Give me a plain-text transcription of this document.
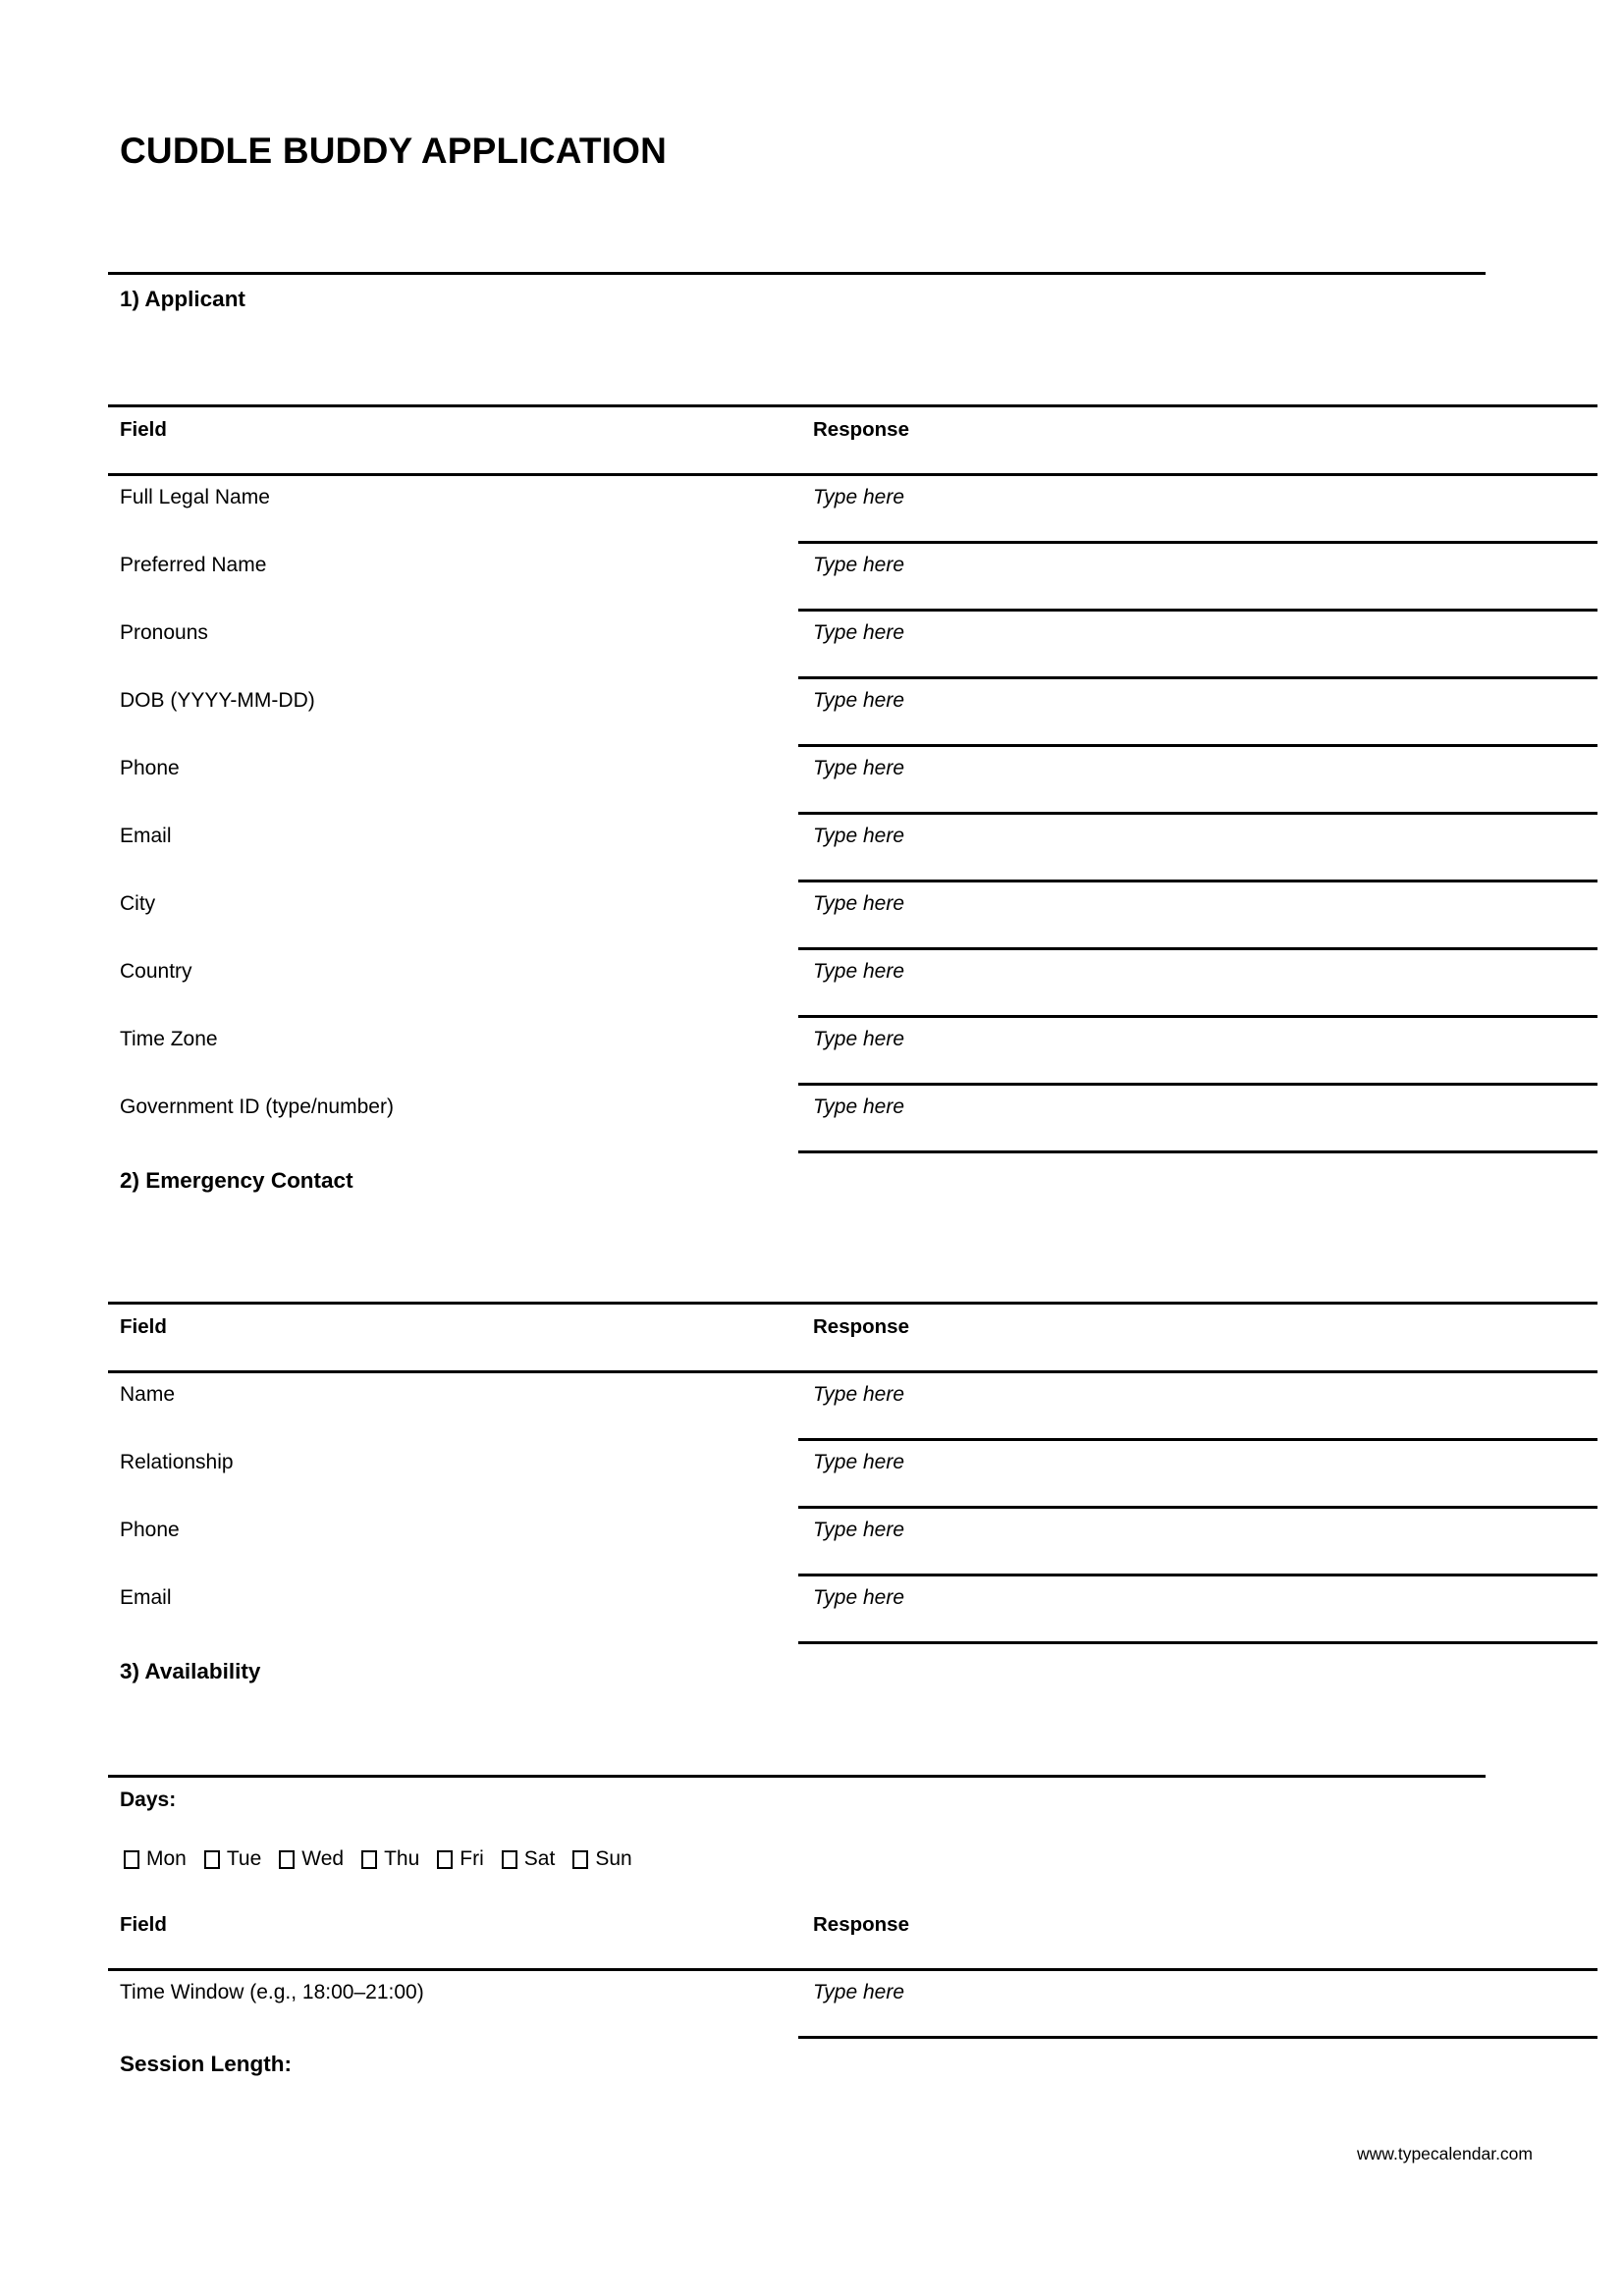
CUDDLE BUDDY APPLICATION
1) Applicant
Field	Response
Full Legal Name	Type here
Preferred Name	Type here
Pronouns	Type here
DOB (YYYY-MM-DD)	Type here
Phone	Type here
Email	Type here
City	Type here
Country	Type here
Time Zone	Type here
Government ID (type/number)	Type here
2) Emergency Contact
Field	Response
Name	Type here
Relationship	Type here
Phone	Type here
Email	Type here
3) Availability
Days:
Mon Tue Wed Thu Fri Sat Sun
Field	Response
Time Window (e.g., 18:00–21:00)	Type here
Session Length:
www.typecalendar.com
